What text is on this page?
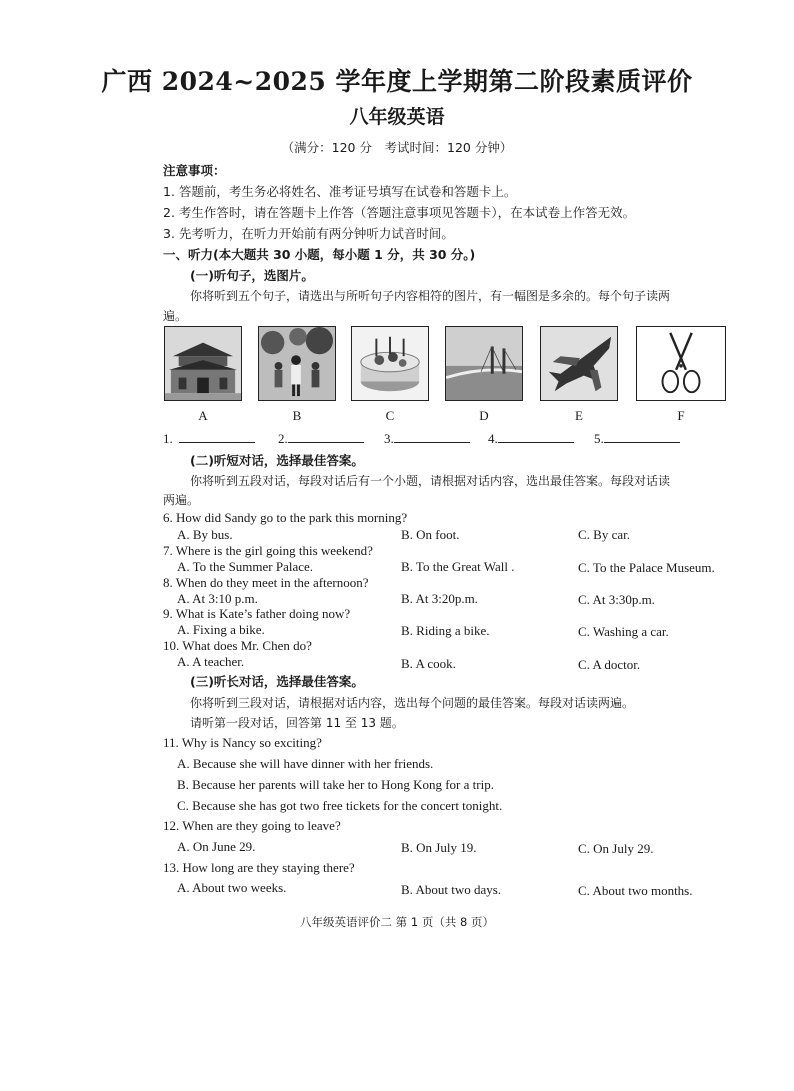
广西 2024~2025 学年度上学期第二阶段素质评价
八年级英语
（满分：120 分　考试时间：120 分钟）
注意事项：
1. 答题前，考生务必将姓名、准考证号填写在试卷和答题卡上。
2. 考生作答时，请在答题卡上作答（答题注意事项见答题卡），在本试卷上作答无效。
3. 先考听力，在听力开始前有两分钟听力试音时间。
一、听力(本大题共 30 小题，每小题 1 分，共 30 分。)
(一)听句子，选图片。
你将听到五个句子，请选出与所听句子内容相符的图片，有一幅图是多余的。每个句子读两
遍。
A	B	C	D	E	F
1.	2.	3.	4.	5.
(二)听短对话，选择最佳答案。
你将听到五段对话，每段对话后有一个小题，请根据对话内容，选出最佳答案。每段对话读
两遍。
6. How did Sandy go to the park this morning?
A. By bus.	B. On foot.	C. By car.
7. Where is the girl going this weekend?
A. To the Summer Palace.	B. To the Great Wall .	C. To the Palace Museum.
8. When do they meet in the afternoon?
A. At 3:10 p.m.	B. At 3:20p.m.	C. At 3:30p.m.
9. What is Kate’s father doing now?
A. Fixing a bike.	B. Riding a bike.	C. Washing a car.
10. What does Mr. Chen do?
A. A teacher.	B. A cook.	C. A doctor.
(三)听长对话，选择最佳答案。
你将听到三段对话，请根据对话内容，选出每个问题的最佳答案。每段对话读两遍。
请听第一段对话，回答第 11 至 13 题。
11. Why is Nancy so exciting?
A. Because she will have dinner with her friends.
B. Because her parents will take her to Hong Kong for a trip.
C. Because she has got two free tickets for the concert tonight.
12. When are they going to leave?
A. On June 29.	B. On July 19.	C. On July 29.
13. How long are they staying there?
A. About two weeks.	B. About two days.	C. About two months.
八年级英语评价二 第 1 页（共 8 页）
